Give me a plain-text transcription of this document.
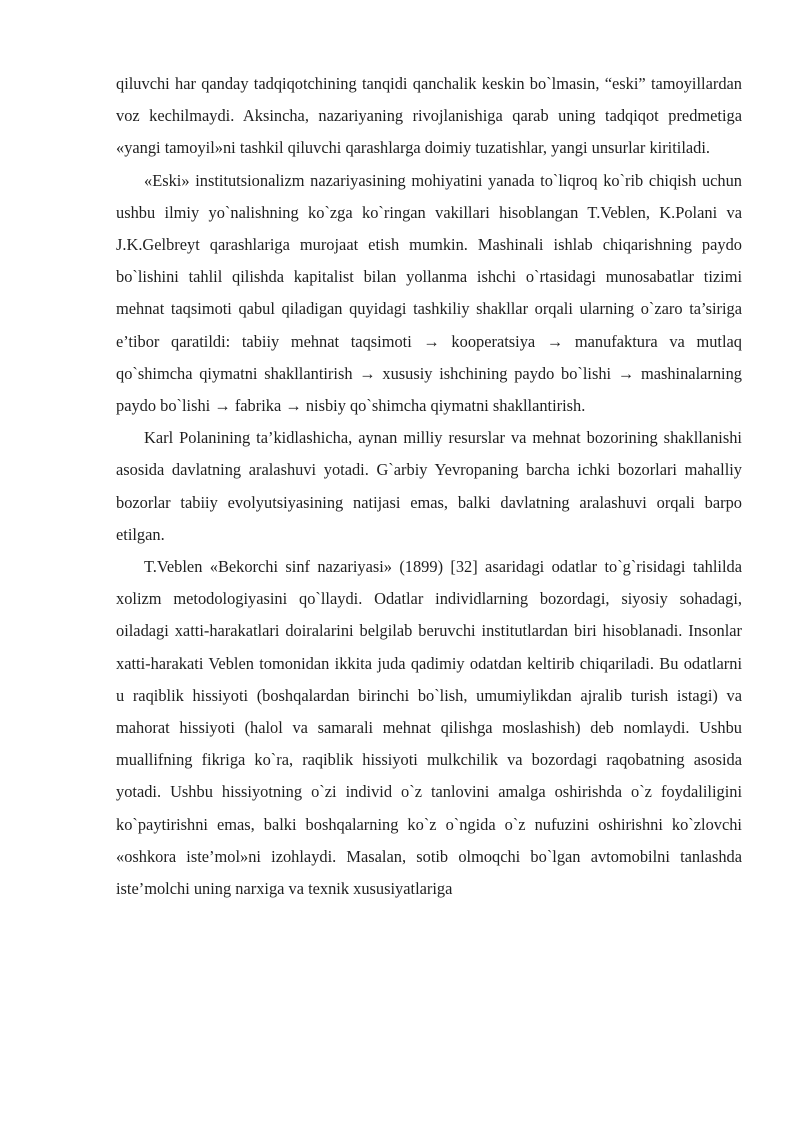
qiluvchi har qanday tadqiqotchining tanqidi qanchalik keskin bo`lmasin, “eski” tamoyillardan voz kechilmaydi. Aksincha, nazariyaning rivojlanishiga qarab uning tadqiqot predmetiga «yangi tamoyil»ni tashkil qiluvchi qarashlarga doimiy tuzatishlar, yangi unsurlar kiritiladi.

«Eski» institutsionalizm nazariyasining mohiyatini yanada to`liqroq ko`rib chiqish uchun ushbu ilmiy yo`nalishning ko`zga ko`ringan vakillari hisoblangan T.Veblen, K.Polani va J.K.Gelbreyt qarashlariga murojaat etish mumkin. Mashinali ishlab chiqarishning paydo bo`lishini tahlil qilishda kapitalist bilan yollanma ishchi o`rtasidagi munosabatlar tizimi mehnat taqsimoti qabul qiladigan quyidagi tashkiliy shakllar orqali ularning o`zaro ta’siriga e’tibor qaratildi: tabiiy mehnat taqsimoti → kooperatsiya → manufaktura va mutlaq qo`shimcha qiymatni shakllantirish → xususiy ishchining paydo bo`lishi → mashinalarning paydo bo`lishi → fabrika → nisbiy qo`shimcha qiymatni shakllantirish.

Karl Polanining ta’kidlashicha, aynan milliy resurslar va mehnat bozorining shakllanishi asosida davlatning aralashuvi yotadi. G`arbiy Yevropaning barcha ichki bozorlari mahalliy bozorlar tabiiy evolyutsiyasining natijasi emas, balki davlatning aralashuvi orqali barpo etilgan.

T.Veblen «Bekorchi sinf nazariyasi» (1899) [32] asaridagi odatlar to`g`risidagi tahlilda xolizm metodologiyasini qo`llaydi. Odatlar individlarning bozordagi, siyosiy sohadagi, oiladagi xatti-harakatlari doiralarini belgilab beruvchi institutlardan biri hisoblanadi. Insonlar xatti-harakati Veblen tomonidan ikkita juda qadimiy odatdan keltirib chiqariladi. Bu odatlarni u raqiblik hissiyoti (boshqalardan birinchi bo`lish, umumiylikdan ajralib turish istagi) va mahorat hissiyoti (halol va samarali mehnat qilishga moslashish) deb nomlaydi. Ushbu muallifning fikriga ko`ra, raqiblik hissiyoti mulkchilik va bozordagi raqobatning asosida yotadi. Ushbu hissiyotning o`zi individ o`z tanlovini amalga oshirishda o`z foydaliligini ko`paytirishni emas, balki boshqalarning ko`z o`ngida o`z nufuzini oshirishni ko`zlovchi «oshkora iste’mol»ni izohlaydi. Masalan, sotib olmoqchi bo`lgan avtomobilni tanlashda iste’molchi uning narxiga va texnik xususiyatlariga
